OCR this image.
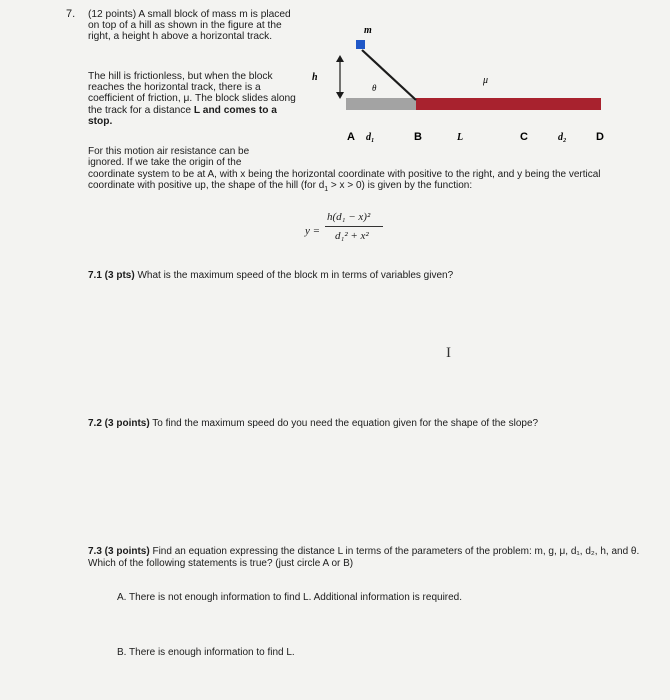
7. (12 points) A small block of mass m is placed on top of a hill as shown in the figure at the right, a height h above a horizontal track.
The hill is frictionless, but when the block reaches the horizontal track, there is a coefficient of friction, μ. The block slides along the track for a distance L and comes to a stop.
m
h
θ
μ
A d₁	B	L	C	d₂	D
For this motion air resistance can be
ignored. If we take the origin of the
coordinate system to be at A, with x being the horizontal coordinate with positive to the right, and y being the vertical coordinate with positive up, the shape of the hill (for $d_1 > x > 0$) is given by the function:
y =
h(d₁ − x)²
d₁² + x²
7.1 (3 pts) What is the maximum speed of the block m in terms of variables given?
I
7.2 (3 points) To find the maximum speed do you need the equation given for the shape of the slope?
7.3 (3 points) Find an equation expressing the distance L in terms of the parameters of the problem: m, g, μ, d₁, d₂, h, and θ. Which of the following statements is true? (just circle A or B)
A. There is not enough information to find L. Additional information is required.
B. There is enough information to find L.
